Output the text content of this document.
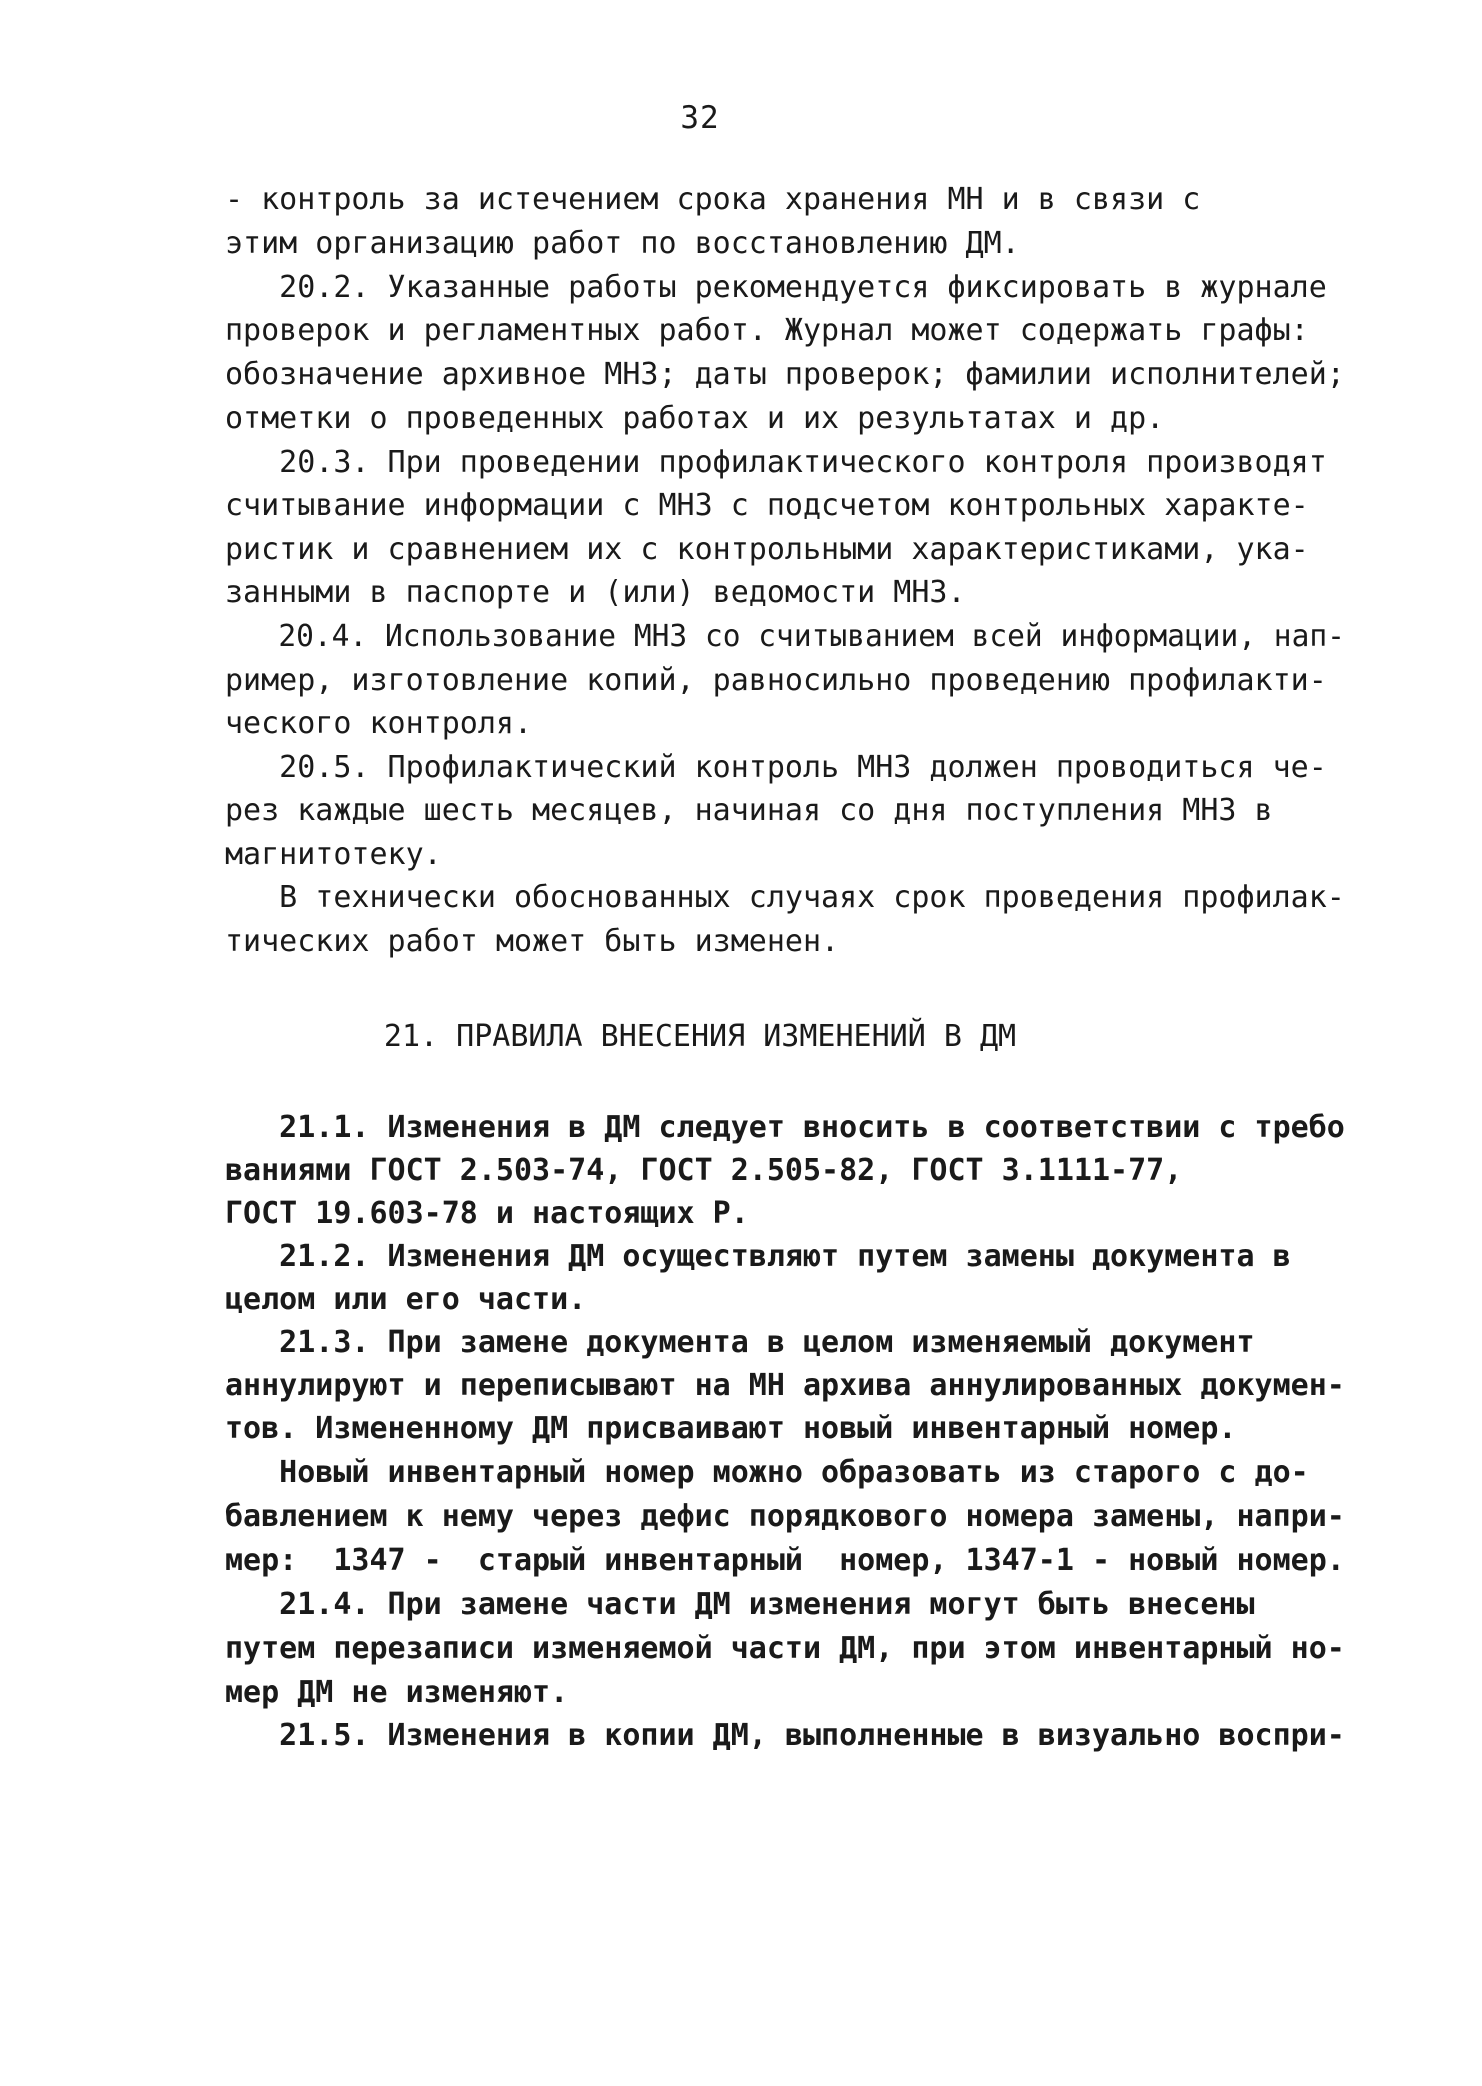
32
- контроль за истечением срока хранения МН и в связи с
этим организацию работ по восстановлению ДМ.
20.2. Указанные работы рекомендуется фиксировать в журнале
проверок и регламентных работ. Журнал может содержать графы:
обозначение архивное МНЗ; даты проверок; фамилии исполнителей;
отметки о проведенных работах и их результатах и др.
20.3. При проведении профилактического контроля производят
считывание информации с МНЗ с подсчетом контрольных характе-
ристик и сравнением их с контрольными характеристиками, ука-
занными в паспорте и (или) ведомости МНЗ.
20.4. Использование МНЗ со считыванием всей информации, нап-
ример, изготовление копий, равносильно проведению профилакти-
ческого контроля.
20.5. Профилактический контроль МНЗ должен проводиться че-
рез каждые шесть месяцев, начиная со дня поступления МНЗ в
магнитотеку.
В технически обоснованных случаях срок проведения профилак-
тических работ может быть изменен.
21. ПРАВИЛА ВНЕСЕНИЯ ИЗМЕНЕНИЙ В ДМ
21.1. Изменения в ДМ следует вносить в соответствии с требо
ваниями ГОСТ 2.503-74, ГОСТ 2.505-82, ГОСТ 3.1111-77,
ГОСТ 19.603-78 и настоящих Р.
21.2. Изменения ДМ осуществляют путем замены документа в
целом или его части.
21.3. При замене документа в целом изменяемый документ
аннулируют и переписывают на МН архива аннулированных докумен-
тов. Измененному ДМ присваивают новый инвентарный номер.
Новый инвентарный номер можно образовать из старого с до-
бавлением к нему через дефис порядкового номера замены, напри-
мер:  1347 -  старый инвентарный  номер, 1347-1 - новый номер.
21.4. При замене части ДМ изменения могут быть внесены
путем перезаписи изменяемой части ДМ, при этом инвентарный но-
мер ДМ не изменяют.
21.5. Изменения в копии ДМ, выполненные в визуально воспри-
